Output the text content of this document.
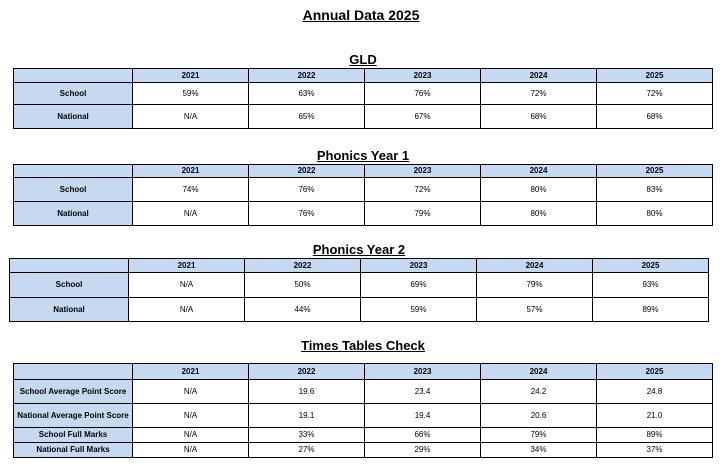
Annual Data 2025
GLD
	2021	2022	2023	2024	2025
School	59%	63%	76%	72%	72%
National	N/A	65%	67%	68%	68%
Phonics Year 1
	2021	2022	2023	2024	2025
School	74%	76%	72%	80%	83%
National	N/A	76%	79%	80%	80%
Phonics Year 2
	2021	2022	2023	2024	2025
School	N/A	50%	69%	79%	93%
National	N/A	44%	59%	57%	89%
Times Tables Check
	2021	2022	2023	2024	2025
School Average Point Score	N/A	19.6	23.4	24.2	24.8
National Average Point Score	N/A	19.1	19.4	20.6	21.0
School Full Marks	N/A	33%	66%	79%	89%
National Full Marks	N/A	27%	29%	34%	37%
